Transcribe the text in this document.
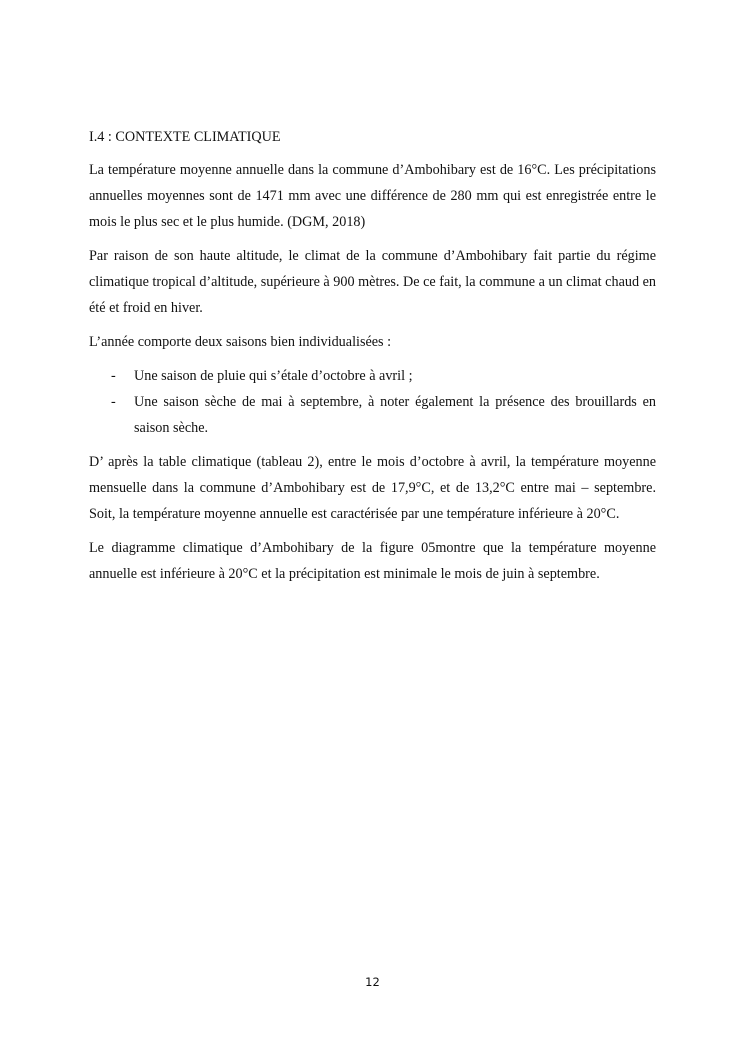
I.4 : CONTEXTE CLIMATIQUE

La température moyenne annuelle dans la commune d’Ambohibary est de 16°C. Les précipitations annuelles moyennes sont de 1471 mm avec une différence de 280 mm qui est enregistrée entre le mois le plus sec et le plus humide. (DGM, 2018)

Par raison de son haute altitude, le climat de la commune d’Ambohibary fait partie du régime climatique tropical d’altitude, supérieure à 900 mètres. De ce fait, la commune a un climat chaud en été et froid en hiver.

L’année comporte deux saisons bien individualisées :

- Une saison de pluie qui s’étale d’octobre à avril ;
- Une saison sèche de mai à septembre, à noter également la présence des brouillards en saison sèche.

D’ après la table climatique (tableau 2), entre le mois d’octobre à avril, la température moyenne mensuelle dans la commune d’Ambohibary est de 17,9°C, et de 13,2°C entre mai – septembre. Soit, la température moyenne annuelle est caractérisée par une température inférieure à 20°C.

Le diagramme climatique d’Ambohibary de la figure 05montre que la température moyenne annuelle est inférieure à 20°C et la précipitation est minimale le mois de juin à septembre.

12
